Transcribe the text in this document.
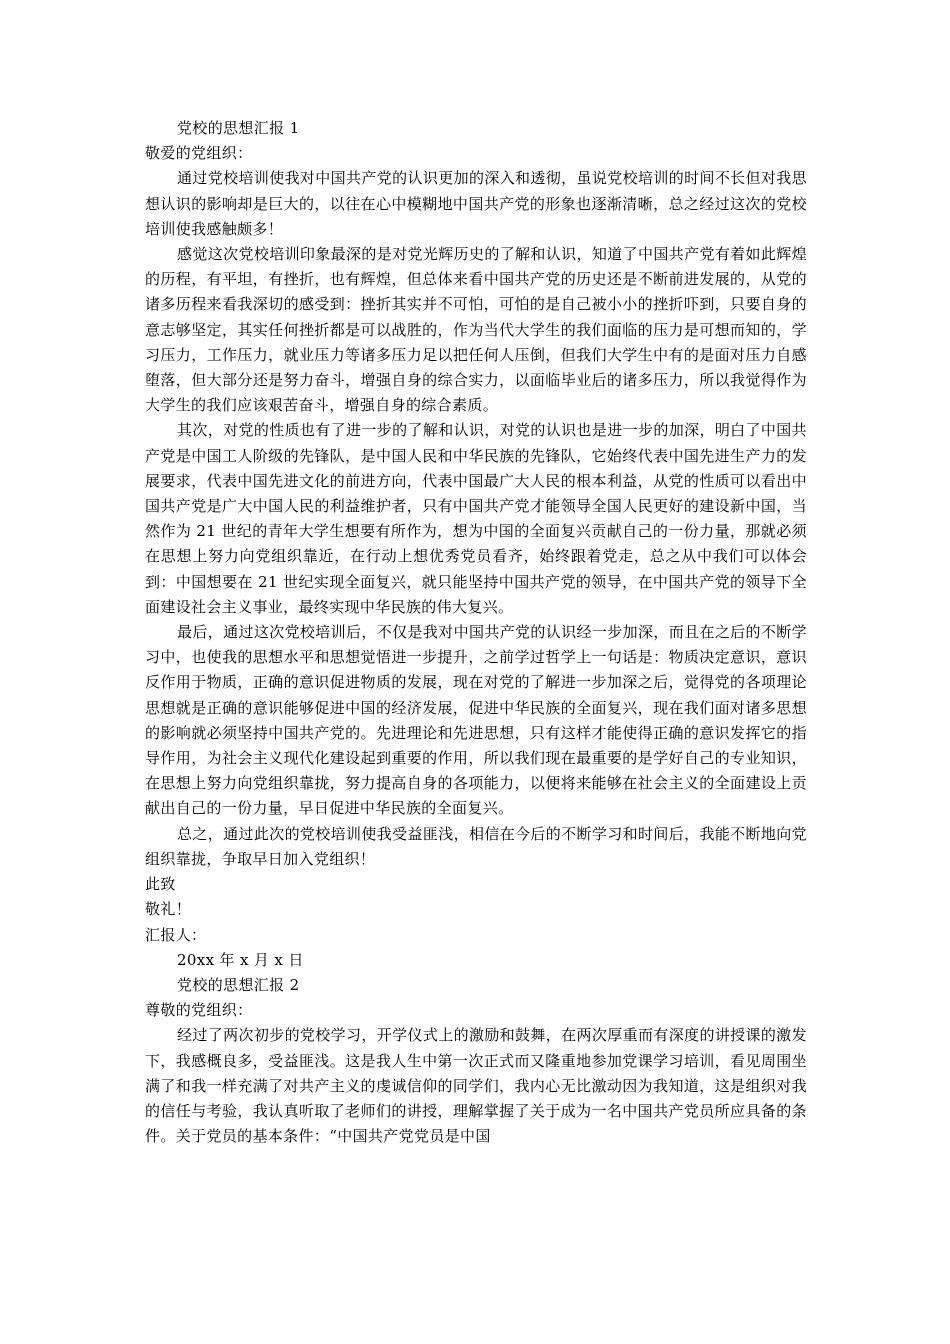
党校的思想汇报 1

敬爱的党组织：

通过党校培训使我对中国共产党的认识更加的深入和透彻，虽说党校培训的时间不长但对我思想认识的影响却是巨大的，以往在心中模糊地中国共产党的形象也逐渐清晰，总之经过这次的党校培训使我感触颇多！

感觉这次党校培训印象最深的是对党光辉历史的了解和认识，知道了中国共产党有着如此辉煌的历程，有平坦，有挫折，也有辉煌，但总体来看中国共产党的历史还是不断前进发展的，从党的诸多历程来看我深切的感受到：挫折其实并不可怕，可怕的是自己被小小的挫折吓到，只要自身的意志够坚定，其实任何挫折都是可以战胜的，作为当代大学生的我们面临的压力是可想而知的，学习压力，工作压力，就业压力等诸多压力足以把任何人压倒，但我们大学生中有的是面对压力自感堕落，但大部分还是努力奋斗，增强自身的综合实力，以面临毕业后的诸多压力，所以我觉得作为大学生的我们应该艰苦奋斗，增强自身的综合素质。

其次，对党的性质也有了进一步的了解和认识，对党的认识也是进一步的加深，明白了中国共产党是中国工人阶级的先锋队，是中国人民和中华民族的先锋队，它始终代表中国先进生产力的发展要求，代表中国先进文化的前进方向，代表中国最广大人民的根本利益，从党的性质可以看出中国共产党是广大中国人民的利益维护者，只有中国共产党才能领导全国人民更好的建设新中国，当然作为 21 世纪的青年大学生想要有所作为，想为中国的全面复兴贡献自己的一份力量，那就必须在思想上努力向党组织靠近，在行动上想优秀党员看齐，始终跟着党走，总之从中我们可以体会到：中国想要在 21 世纪实现全面复兴，就只能坚持中国共产党的领导，在中国共产党的领导下全面建设社会主义事业，最终实现中华民族的伟大复兴。

最后，通过这次党校培训后，不仅是我对中国共产党的认识经一步加深，而且在之后的不断学习中，也使我的思想水平和思想觉悟进一步提升，之前学过哲学上一句话是：物质决定意识，意识反作用于物质，正确的意识促进物质的发展，现在对党的了解进一步加深之后，觉得党的各项理论思想就是正确的意识能够促进中国的经济发展，促进中华民族的全面复兴，现在我们面对诸多思想的影响就必须坚持中国共产党的。先进理论和先进思想，只有这样才能使得正确的意识发挥它的指导作用，为社会主义现代化建设起到重要的作用，所以我们现在最重要的是学好自己的专业知识，在思想上努力向党组织靠拢，努力提高自身的各项能力，以便将来能够在社会主义的全面建设上贡献出自己的一份力量，早日促进中华民族的全面复兴。

总之，通过此次的党校培训使我受益匪浅，相信在今后的不断学习和时间后，我能不断地向党组织靠拢，争取早日加入党组织！

此致

敬礼！

汇报人：

20xx 年 x 月 x 日

党校的思想汇报 2

尊敬的党组织：

经过了两次初步的党校学习，开学仪式上的激励和鼓舞，在两次厚重而有深度的讲授课的激发下，我感概良多，受益匪浅。这是我人生中第一次正式而又隆重地参加党课学习培训，看见周围坐满了和我一样充满了对共产主义的虔诚信仰的同学们，我内心无比激动因为我知道，这是组织对我的信任与考验，我认真听取了老师们的讲授，理解掌握了关于成为一名中国共产党员所应具备的条件。关于党员的基本条件：“中国共产党党员是中国
